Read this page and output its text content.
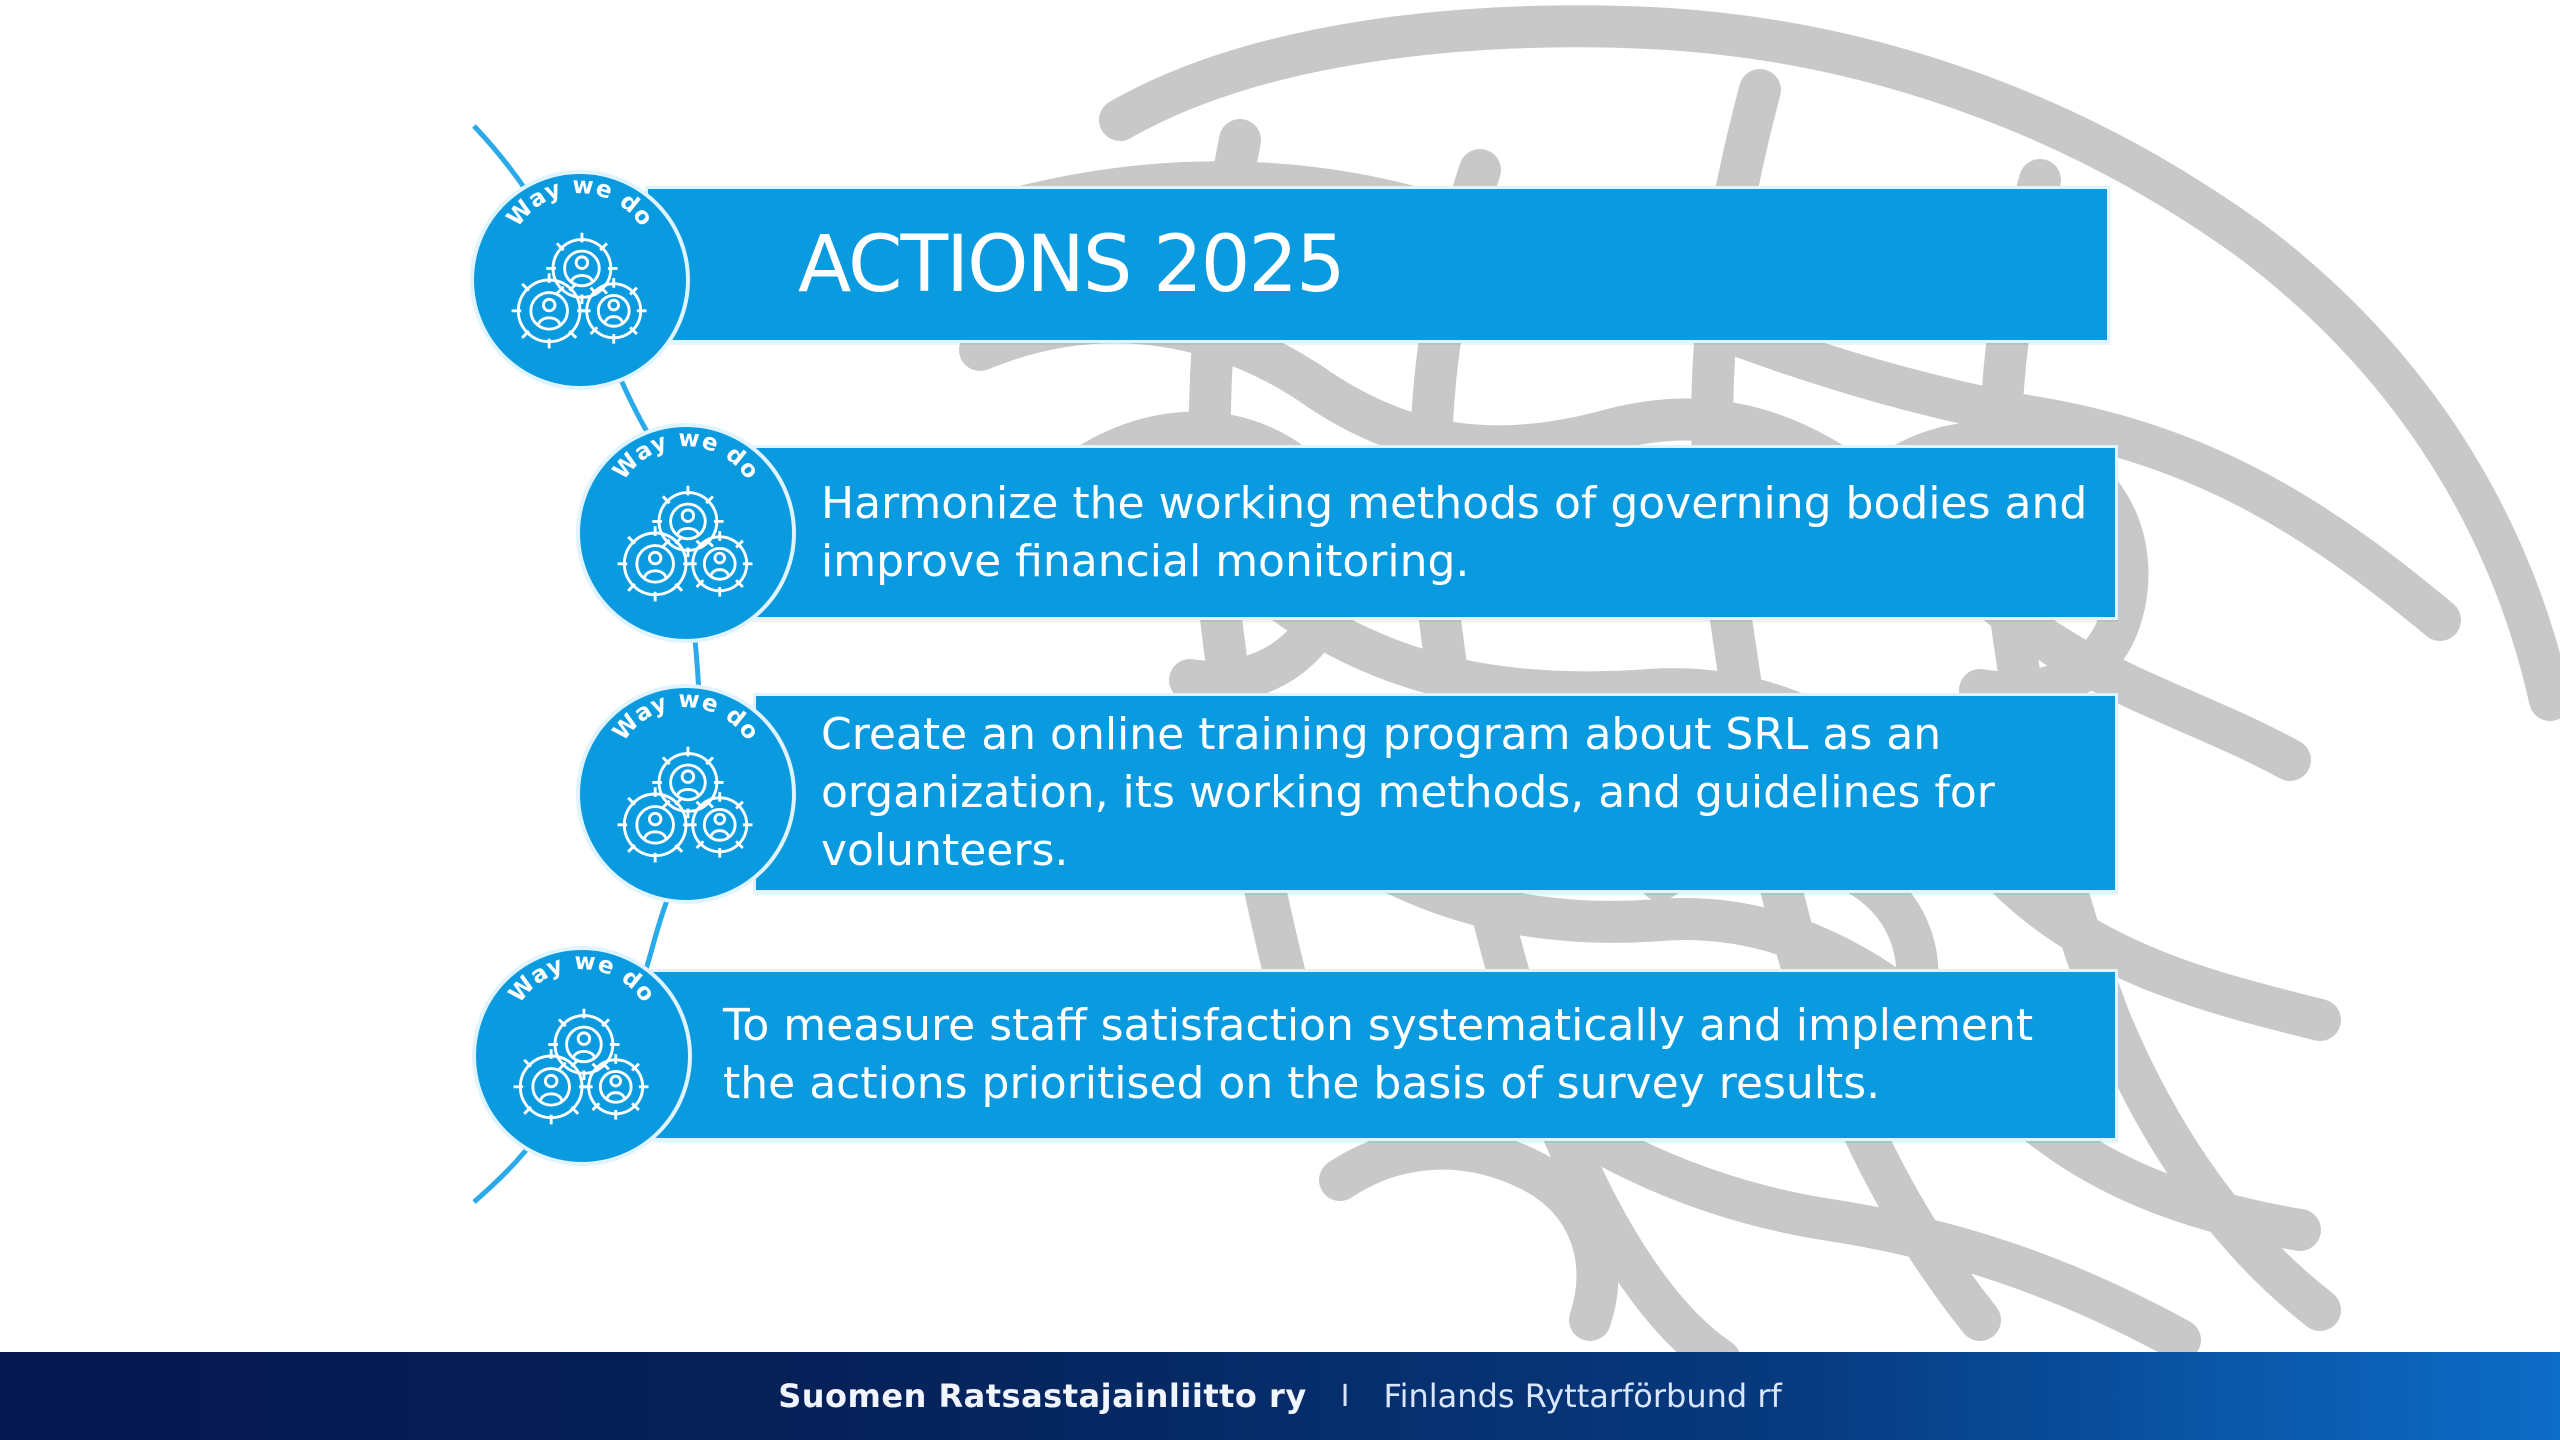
ACTIONS 2025
Harmonize the working methods of governing bodies and improve financial monitoring.
Create an online training program about SRL as an organization, its working methods, and guidelines for volunteers.
To measure staff satisfaction systematically and implement the actions prioritised on the basis of survey results.
Way we do
Way we do
Way we do
Way we do
Suomen Ratsastajainliitto ry I Finlands Ryttarförbund rf
